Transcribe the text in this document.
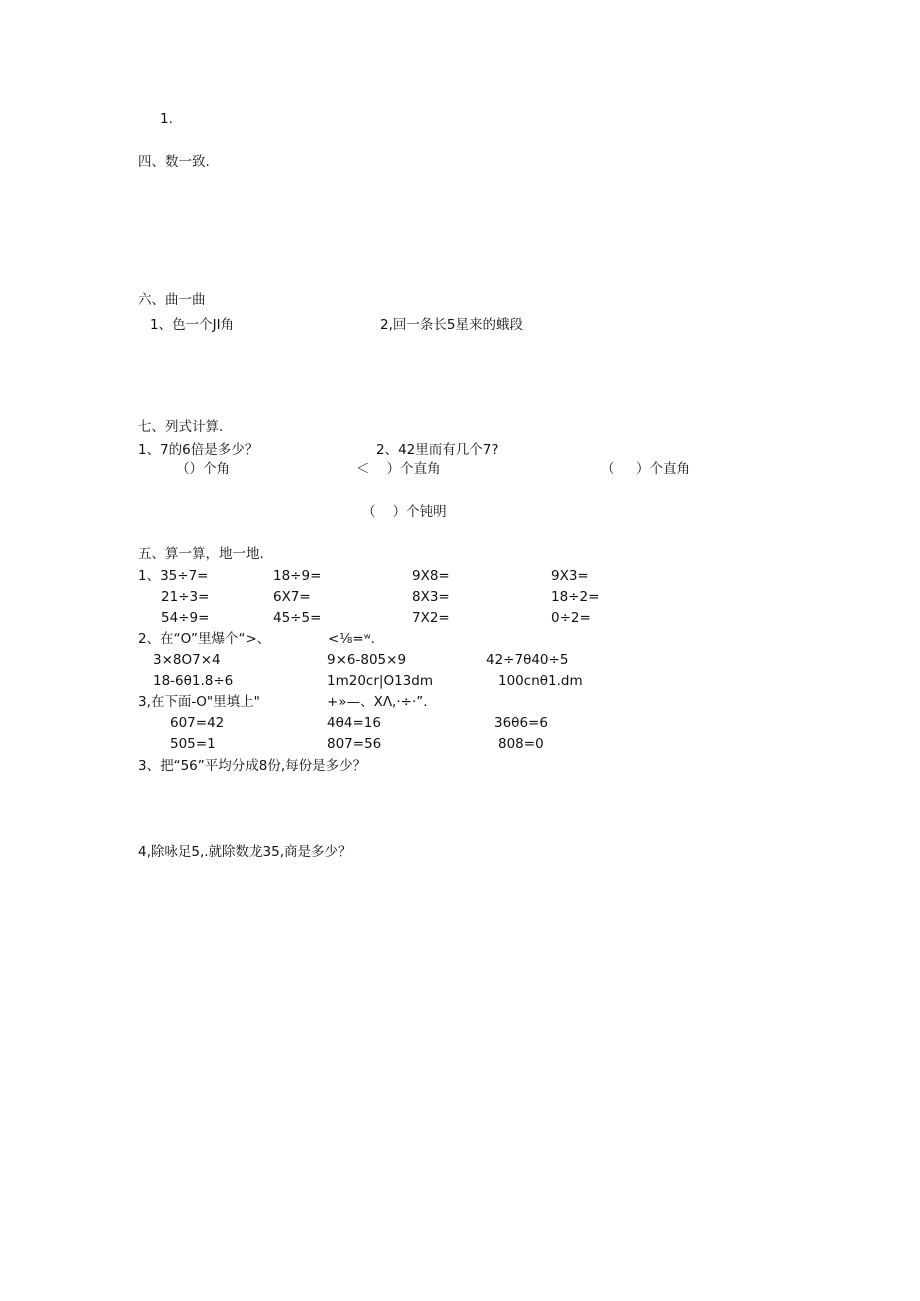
1.
四、数一致.
六、曲一曲
1、色一个JI角	2,回一条长5星来的蛾段
七、列式计算.
1、7的6倍是多少？	2、42里而有几个7?
（）个角	＜    ）个直角	（     ）个直角
（    ）个钝明
五、算一算，地一地.
1、35÷7=	18÷9=	9X8=	9X3=
21÷3=	6X7=	8X3=	18÷2=
54÷9=	45÷5=	7X2=	0÷2=
2、在“O”里爆个“>、	<⅛=ʷ.
3×8O7×4	9×6-805×9	42÷7θ40÷5
18-6θ1.8÷6	1m20cr|O13dm	100cnθ1.dm
3,在下面-O"里填上"	+»—、XΛ,·÷·”.
607=42	4θ4=16	36θ6=6
505=1	807=56	808=0
3、把“56”平均分成8份,每份是多少？
4,除咏足5,.就除数龙35,商是多少？
